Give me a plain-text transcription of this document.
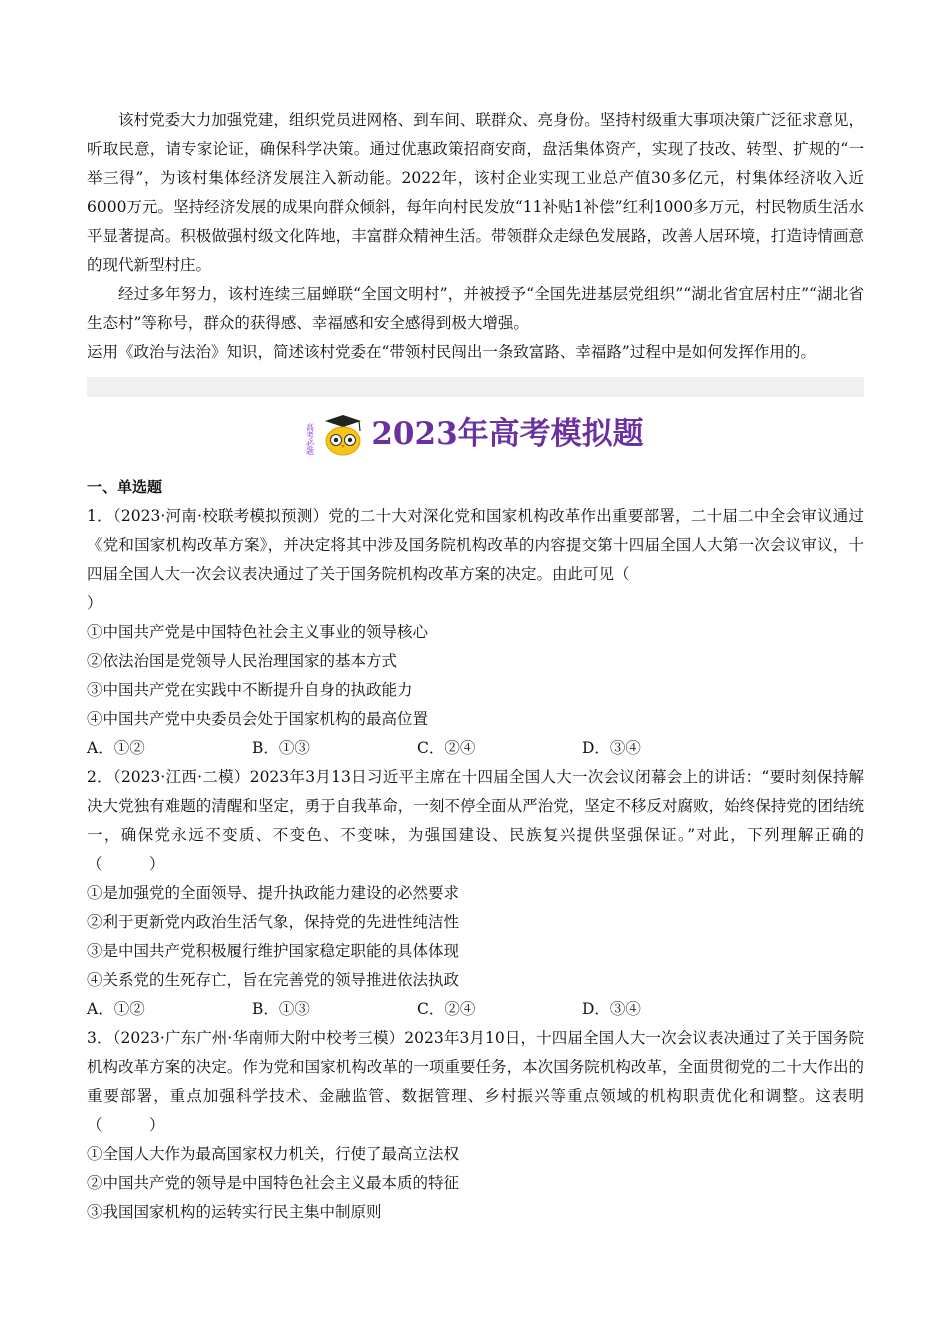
该村党委大力加强党建，组织党员进网格、到车间、联群众、亮身份。坚持村级重大事项决策广泛征求意见，听取民意，请专家论证，确保科学决策。通过优惠政策招商安商，盘活集体资产，实现了技改、转型、扩规的“一举三得”，为该村集体经济发展注入新动能。2022年，该村企业实现工业总产值30多亿元，村集体经济收入近6000万元。坚持经济发展的成果向群众倾斜，每年向村民发放“11补贴1补偿”红利1000多万元，村民物质生活水平显著提高。积极做强村级文化阵地，丰富群众精神生活。带领群众走绿色发展路，改善人居环境，打造诗情画意的现代新型村庄。

经过多年努力，该村连续三届蝉联“全国文明村”，并被授予“全国先进基层党组织”“湖北省宜居村庄”“湖北省生态村”等称号，群众的获得感、幸福感和安全感得到极大增强。

运用《政治与法治》知识，简述该村党委在“带领村民闯出一条致富路、幸福路”过程中是如何发挥作用的。

高考必题 2023年高考模拟题

一、单选题

1．（2023·河南·校联考模拟预测）党的二十大对深化党和国家机构改革作出重要部署，二十届二中全会审议通过《党和国家机构改革方案》，并决定将其中涉及国务院机构改革的内容提交第十四届全国人大第一次会议审议，十四届全国人大一次会议表决通过了关于国务院机构改革方案的决定。由此可见（

）

①中国共产党是中国特色社会主义事业的领导核心

②依法治国是党领导人民治理国家的基本方式

③中国共产党在实践中不断提升自身的执政能力

④中国共产党中央委员会处于国家机构的最高位置

A．①②	B．①③	C．②④	D．③④

2．（2023·江西·二模）2023年3月13日习近平主席在十四届全国人大一次会议闭幕会上的讲话：“要时刻保持解决大党独有难题的清醒和坚定，勇于自我革命，一刻不停全面从严治党，坚定不移反对腐败，始终保持党的团结统一，确保党永远不变质、不变色、不变味，为强国建设、民族复兴提供坚强保证。”对此，下列理解正确的（　　　）

①是加强党的全面领导、提升执政能力建设的必然要求

②利于更新党内政治生活气象，保持党的先进性纯洁性

③是中国共产党积极履行维护国家稳定职能的具体体现

④关系党的生死存亡，旨在完善党的领导推进依法执政

A．①②	B．①③	C．②④	D．③④

3．（2023·广东广州·华南师大附中校考三模）2023年3月10日，十四届全国人大一次会议表决通过了关于国务院机构改革方案的决定。作为党和国家机构改革的一项重要任务，本次国务院机构改革，全面贯彻党的二十大作出的重要部署，重点加强科学技术、金融监管、数据管理、乡村振兴等重点领域的机构职责优化和调整。这表明（　　　）

①全国人大作为最高国家权力机关，行使了最高立法权

②中国共产党的领导是中国特色社会主义最本质的特征

③我国国家机构的运转实行民主集中制原则
